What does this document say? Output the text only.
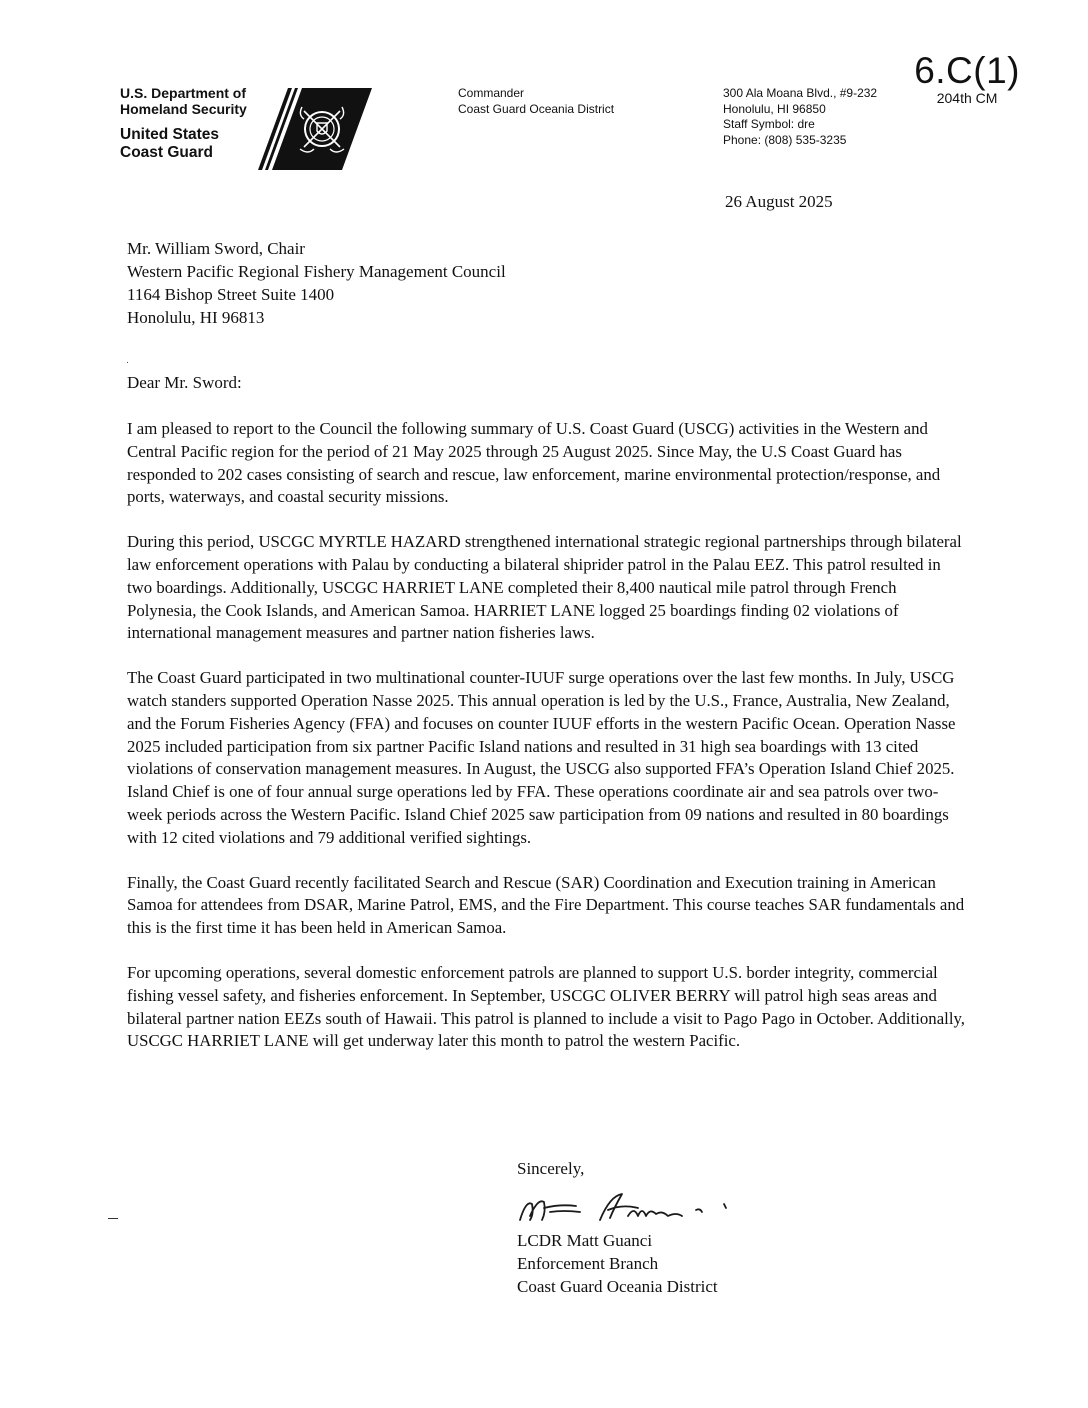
6.C(1)
204th CM
U.S. Department of
Homeland Security
United States
Coast Guard
Commander
Coast Guard Oceania District
300 Ala Moana Blvd., #9-232
Honolulu, HI 96850
Staff Symbol: dre
Phone: (808) 535-3235
26 August 2025
Mr. William Sword, Chair
Western Pacific Regional Fishery Management Council
1164 Bishop Street Suite 1400
Honolulu, HI 96813
Dear Mr. Sword:

I am pleased to report to the Council the following summary of U.S. Coast Guard (USCG) activities in the Western and Central Pacific region for the period of 21 May 2025 through 25 August 2025. Since May, the U.S Coast Guard has responded to 202 cases consisting of search and rescue, law enforcement, marine environmental protection/response, and ports, waterways, and coastal security missions.

During this period, USCGC MYRTLE HAZARD strengthened international strategic regional partnerships through bilateral law enforcement operations with Palau by conducting a bilateral shiprider patrol in the Palau EEZ. This patrol resulted in two boardings. Additionally, USCGC HARRIET LANE completed their 8,400 nautical mile patrol through French Polynesia, the Cook Islands, and American Samoa. HARRIET LANE logged 25 boardings finding 02 violations of international management measures and partner nation fisheries laws.

The Coast Guard participated in two multinational counter-IUUF surge operations over the last few months. In July, USCG watch standers supported Operation Nasse 2025. This annual operation is led by the U.S., France, Australia, New Zealand, and the Forum Fisheries Agency (FFA) and focuses on counter IUUF efforts in the western Pacific Ocean. Operation Nasse 2025 included participation from six partner Pacific Island nations and resulted in 31 high sea boardings with 13 cited violations of conservation management measures. In August, the USCG also supported FFA’s Operation Island Chief 2025. Island Chief is one of four annual surge operations led by FFA. These operations coordinate air and sea patrols over two-week periods across the Western Pacific. Island Chief 2025 saw participation from 09 nations and resulted in 80 boardings with 12 cited violations and 79 additional verified sightings.

Finally, the Coast Guard recently facilitated Search and Rescue (SAR) Coordination and Execution training in American Samoa for attendees from DSAR, Marine Patrol, EMS, and the Fire Department. This course teaches SAR fundamentals and this is the first time it has been held in American Samoa.

For upcoming operations, several domestic enforcement patrols are planned to support U.S. border integrity, commercial fishing vessel safety, and fisheries enforcement. In September, USCGC OLIVER BERRY will patrol high seas areas and bilateral partner nation EEZs south of Hawaii. This patrol is planned to include a visit to Pago Pago in October. Additionally, USCGC HARRIET LANE will get underway later this month to patrol the western Pacific.

Sincerely,
LCDR Matt Guanci
Enforcement Branch
Coast Guard Oceania District
